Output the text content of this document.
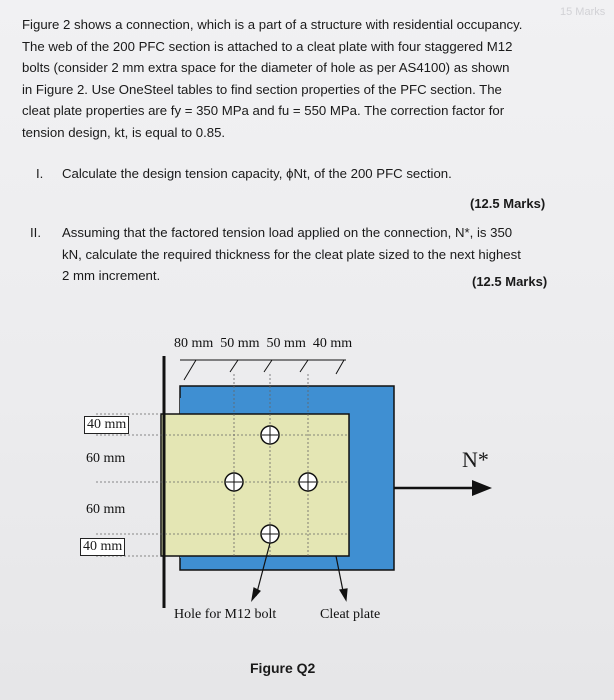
15 Marks
Figure 2 shows a connection, which is a part of a structure with residential occupancy.
The web of the 200 PFC section is attached to a cleat plate with four staggered M12
bolts (consider 2 mm extra space for the diameter of hole as per AS4100) as shown
in Figure 2. Use OneSteel tables to find section properties of the PFC section. The
cleat plate properties are fy = 350 MPa and fu = 550 MPa. The correction factor for
tension design, kt, is equal to 0.85.
I. Calculate the design tension capacity, ϕNt, of the 200 PFC section.
(12.5 Marks)
II. Assuming that the factored tension load applied on the connection, N*, is 350
kN, calculate the required thickness for the cleat plate sized to the next highest
2 mm increment.	(12.5 Marks)
80 mm  50 mm  50 mm  40 mm
40 mm
60 mm
60 mm
40 mm
N*
Hole for M12 bolt	Cleat plate
Figure Q2
